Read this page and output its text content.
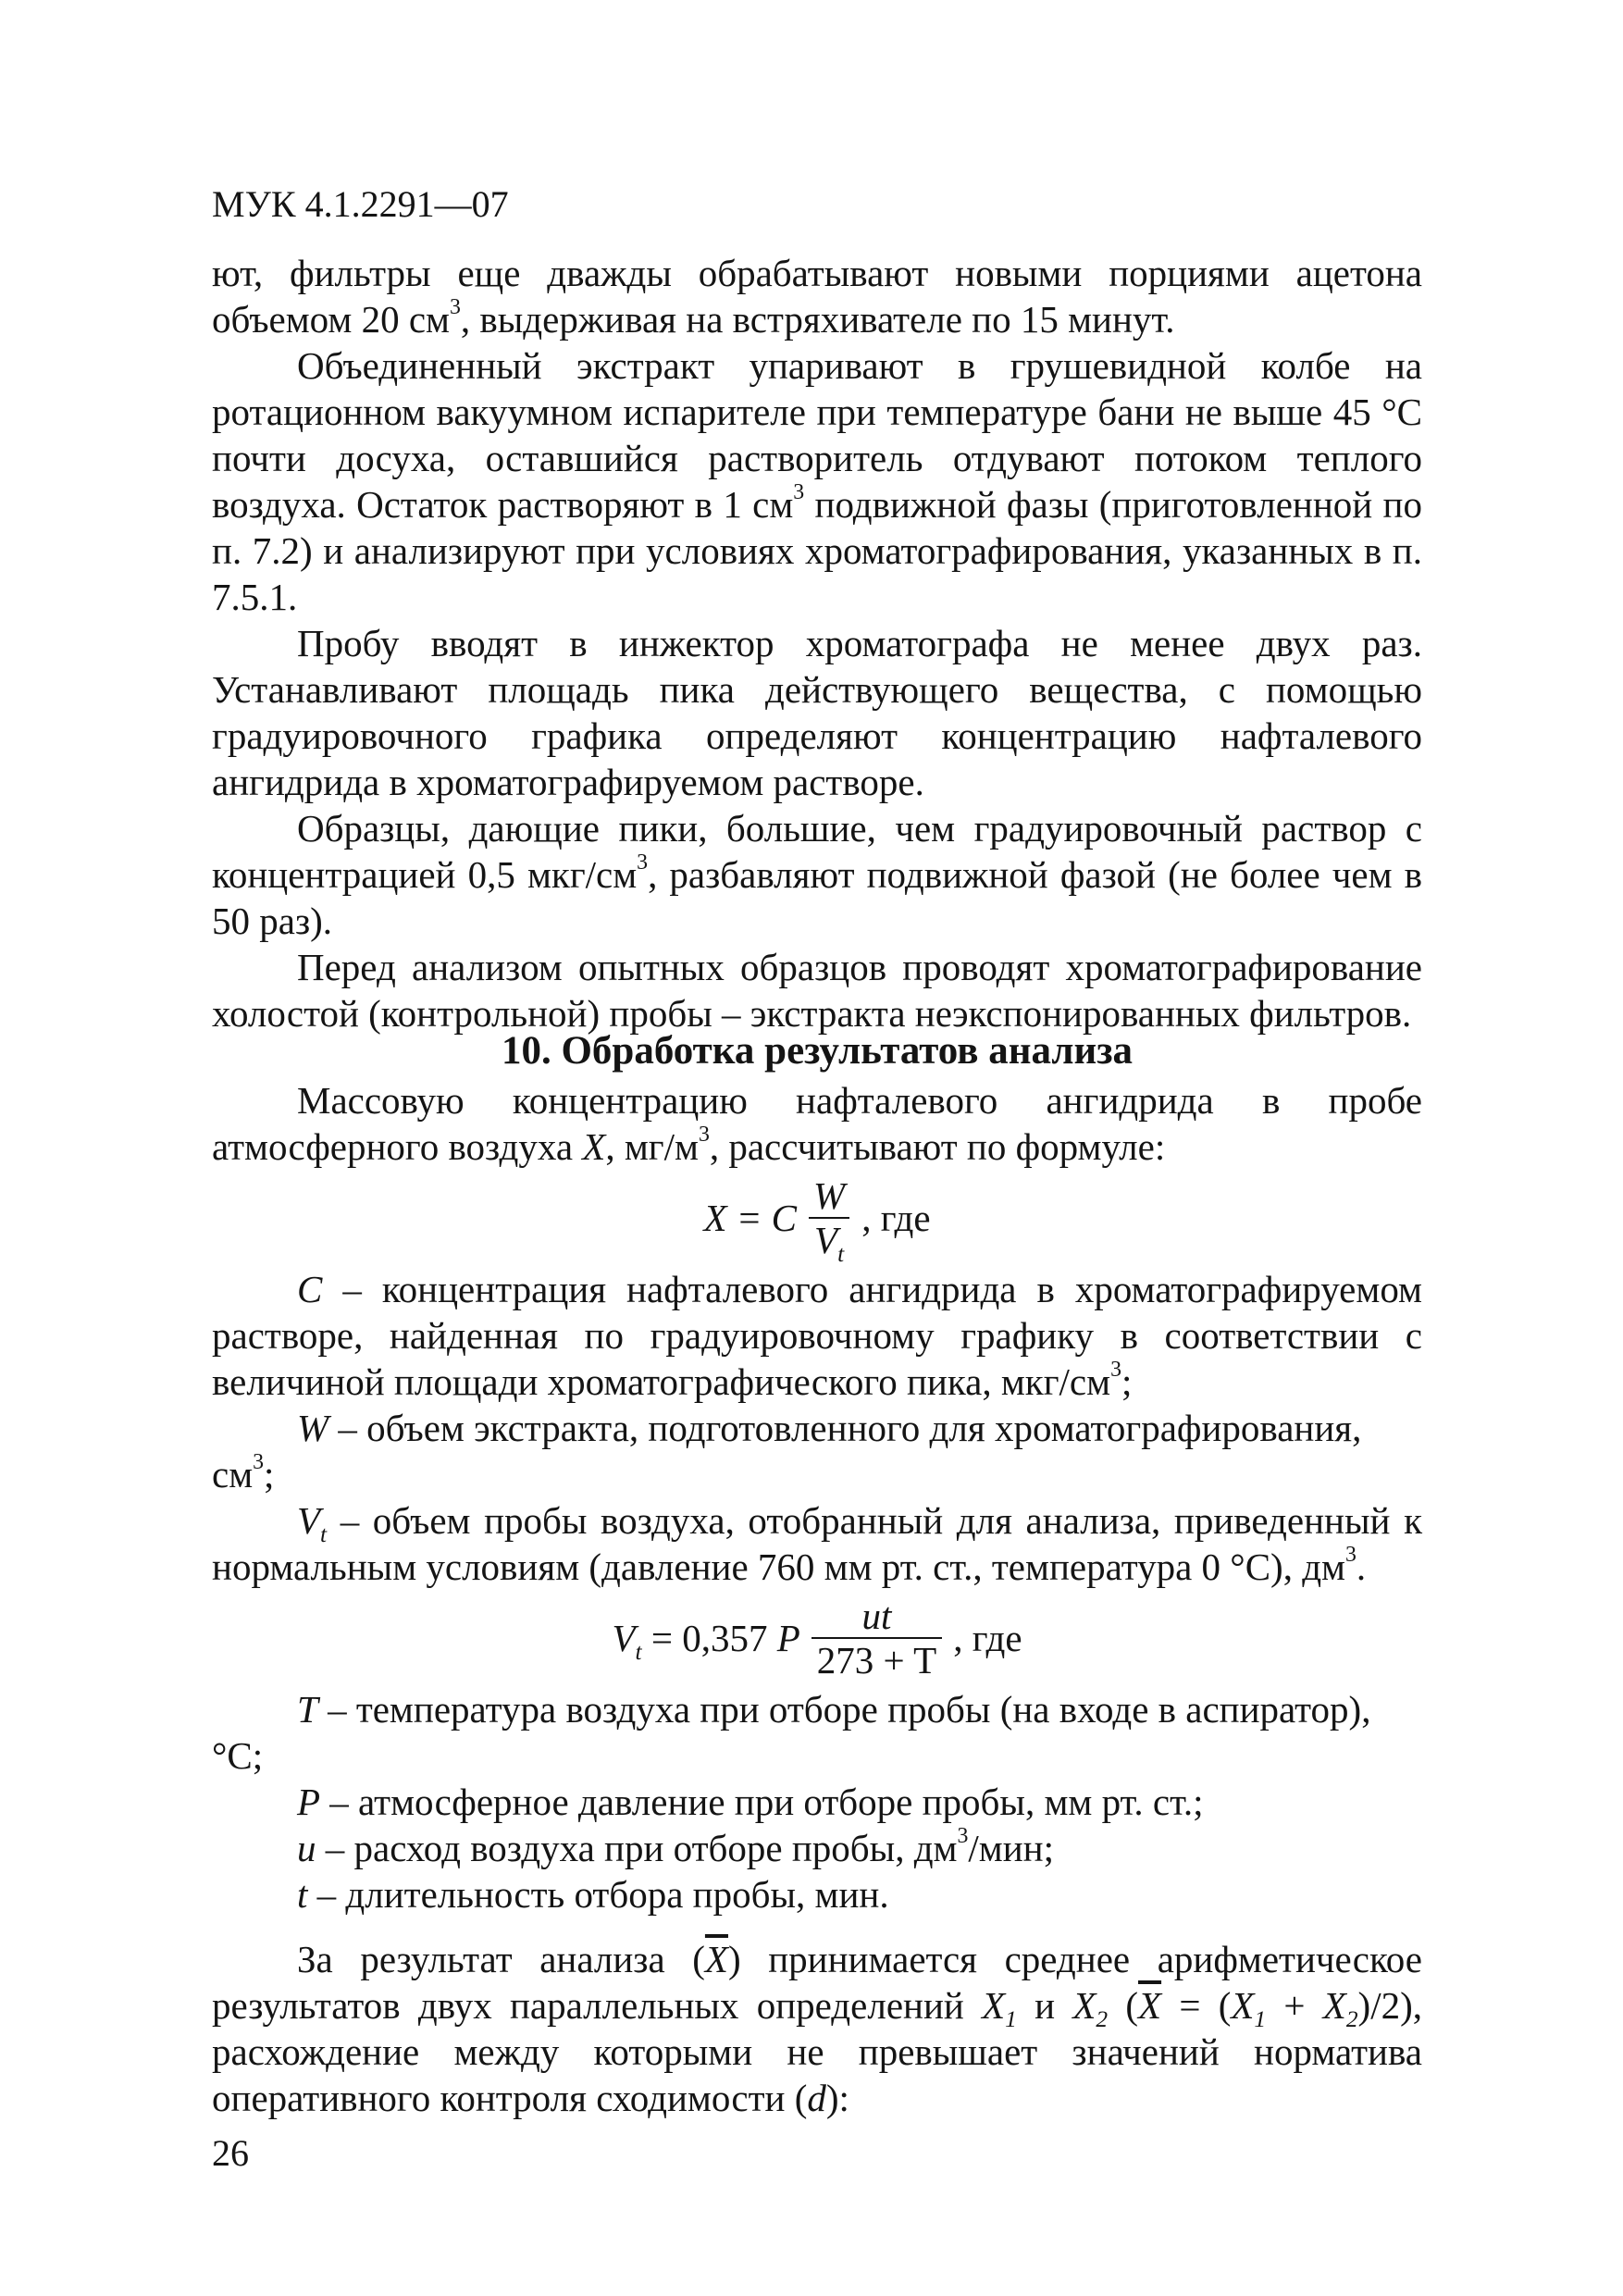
МУК 4.1.2291—07

ют, фильтры еще дважды обрабатывают новыми порциями ацетона объемом 20 $см^3$, выдерживая на встряхивателе по 15 минут.

Объединенный экстракт упаривают в грушевидной колбе на ротационном вакуумном испарителе при температуре бани не выше 45 °С почти досуха, оставшийся растворитель отдувают потоком теплого воздуха. Остаток растворяют в 1 $см^3$ подвижной фазы (приготовленной по п. 7.2) и анализируют при условиях хроматографирования, указанных в п. 7.5.1.

Пробу вводят в инжектор хроматографа не менее двух раз. Устанавливают площадь пика действующего вещества, с помощью градуировочного графика определяют концентрацию нафталевого ангидрида в хроматографируемом растворе.

Образцы, дающие пики, большие, чем градуировочный раствор с концентрацией 0,5 мкг/$см^3$, разбавляют подвижной фазой (не более чем в 50 раз).

Перед анализом опытных образцов проводят хроматографирование холостой (контрольной) пробы – экстракта неэкспонированных фильтров.

10. Обработка результатов анализа

Массовую концентрацию нафталевого ангидрида в пробе атмосферного воздуха X, $мг/м^3$, рассчитывают по формуле:

X = C $\frac{W}{V_t}$ , где

C – концентрация нафталевого ангидрида в хроматографируемом растворе, найденная по градуировочному графику в соответствии с величиной площади хроматографического пика, мкг/$см^3$;

W – объем экстракта, подготовленного для хроматографирования, $см^3$;

$V_t$ – объем пробы воздуха, отобранный для анализа, приведенный к нормальным условиям (давление 760 мм рт. ст., температура 0 °С), $дм^3$.

$V_t = 0,357$ P $\frac{ut}{273 + T}$ , где

T – температура воздуха при отборе пробы (на входе в аспиратор), °С;

P – атмосферное давление при отборе пробы, мм рт. ст.;

u – расход воздуха при отборе пробы, $дм^3$/мин;

t – длительность отбора пробы, мин.

За результат анализа $(\overline{X})$ принимается среднее арифметическое результатов двух параллельных определений $X_1$ и $X_2$ $(\overline{X} = (X_1 + X_2)/2)$, расхождение между которыми не превышает значений норматива оперативного контроля сходимости (d):

26
